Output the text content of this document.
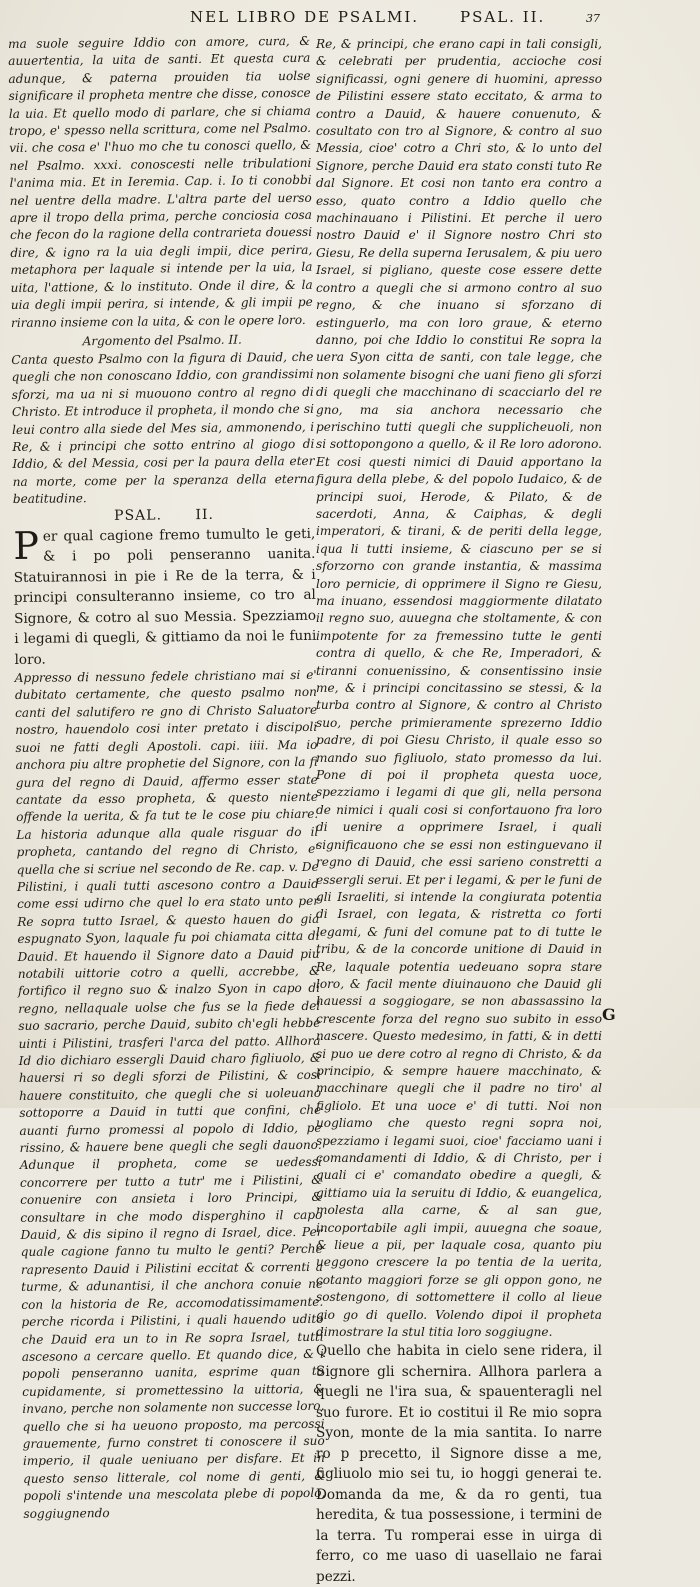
NEL LIBRO DE PSALMI.	PSAL. II.	37

ma suole seguire Iddio con amore, cura, & auuertentia, la uita de santi. Et questa cura adunque, & paterna prouiden tia uolse significare il propheta mentre che disse, conosce la uia. Et quello modo di parlare, che si chiama tropo, e' spesso nella scrittura, come nel Psalmo. vii. che cosa e' l'huo mo che tu conosci quello, & nel Psalmo. xxxi. conoscesti nelle tribulationi l'anima mia. Et in Ieremia. Cap. i. Io ti conobbi nel uentre della madre. L'altra parte del uerso apre il tropo della prima, perche conciosia cosa che fecon do la ragione della contrarieta douessi dire, & igno ra la uia degli impii, dice perira, metaphora per laquale si intende per la uia, la uita, l'attione, & lo instituto. Onde il dire, & la uia degli impii perira, si intende, & gli impii pe riranno insieme con la uita, & con le opere loro.

Argomento del Psalmo. II.

Canta questo Psalmo con la figura di Dauid, che quegli che non conoscano Iddio, con grandissimi sforzi, ma ua ni si muouono contro al regno di Christo. Et introduce il propheta, il mondo che si leui contro alla siede del Mes sia, ammonendo, i Re, & i principi che sotto entrino al giogo di Iddio, & del Messia, cosi per la paura della eter na morte, come per la speranza della eterna beatitudine.

PSAL. II.
P er qual cagione fremo tumulto le geti, & i po poli penseranno uanita. Statuirannosi in pie i Re de la terra, & i principi consulteranno insieme, co tro al Signore, & cotro al suo Messia. Spezziamo i legami di quegli, & gittiamo da noi le funi loro.

Appresso di nessuno fedele christiano mai si e' dubitato certamente, che questo psalmo non canti del salutifero re gno di Christo Saluatore nostro, hauendolo cosi inter pretato i discipoli suoi ne fatti degli Apostoli. capi. iiii. Ma io anchora piu altre prophetie del Signore, con la fi gura del regno di Dauid, affermo esser state cantate da esso propheta, & questo niente offende la uerita, & fa tut te le cose piu chiare. La historia adunque alla quale risguar do il propheta, cantando del regno di Christo, e' quella che si scriue nel secondo de Re. cap. v. De Pilistini, i quali tutti ascesono contro a Dauid come essi udirno che quel lo era stato unto per Re sopra tutto Israel, & questo hauen do gia espugnato Syon, laquale fu poi chiamata citta di Dauid. Et hauendo il Signore dato a Dauid piu notabili uittorie cotro a quelli, accrebbe, & fortifico il regno suo & inalzo Syon in capo di regno, nellaquale uolse che fus se la fiede del suo sacrario, perche Dauid, subito ch'egli hebbe uinti i Pilistini, trasferi l'arca del patto. Allhora Id dio dichiaro essergli Dauid charo figliuolo, & hauersi ri so degli sforzi de Pilistini, & cosi hauere constituito, che quegli che si uoleuano sottoporre a Dauid in tutti que confini, che auanti furno promessi al popolo di Iddio, pe rissino, & hauere bene quegli che segli dauono. Adunque il propheta, come se uedessi concorrere per tutto a tutr' me i Pilistini, & conuenire con ansieta i loro Principi, & consultare in che modo disperghino il capo Dauid, & dis sipino il regno di Israel, dice. Per quale cagione fanno tu multo le genti? Perche rapresento Dauid i Pilistini eccitat & correnti a turme, & adunantisi, il che anchora conuie ne con la historia de Re, accomodatissimamente. perche ricorda i Pilistini, i quali hauendo udito che Dauid era un to in Re sopra Israel, tutti ascesono a cercare quello. Et quando dice, & i popoli penseranno uanita, esprime quan to cupidamente, si promettessino la uittoria, & invano, perche non solamente non successe loro, quello che si ha ueuono proposto, ma percossi grauemente, furno constret ti conoscere il suo imperio, il quale ueniuano per disfare. Et in questo senso litterale, col nome di genti, & popoli s'intende una mescolata plebe di popolo, soggiugnendo

Re, & principi, che erano capi in tali consigli, & celebrati per prudentia, accioche cosi significassi, ogni genere di huomini, apresso de Pilistini essere stato eccitato, & arma to contro a Dauid, & hauere conuenuto, & cosultato con tro al Signore, & contro al suo Messia, cioe' cotro a Chri sto, & lo unto del Signore, perche Dauid era stato consti tuto Re dal Signore. Et cosi non tanto era contro a esso, quato contro a Iddio quello che machinauano i Pilistini. Et perche il uero nostro Dauid e' il Signore nostro Chri sto Giesu, Re della superna Ierusalem, & piu uero Israel, si pigliano, queste cose essere dette contro a quegli che si armono contro al suo regno, & che inuano si sforzano di estinguerlo, ma con loro graue, & eterno danno, poi che Iddio lo constitui Re sopra la uera Syon citta de santi, con tale legge, che non solamente bisogni che uani fieno gli sforzi di quegli che macchinano di scacciarlo del re gno, ma sia anchora necessario che perischino tutti quegli che supplicheuoli, non si sottopongono a quello, & il Re loro adorono. Et cosi questi nimici di Dauid apportano la figura della plebe, & del popolo Iudaico, & de principi suoi, Herode, & Pilato, & de sacerdoti, Anna, & Caiphas, & degli imperatori, & tirani, & de periti della legge, iqua li tutti insieme, & ciascuno per se si sforzorno con grande instantia, & massima loro pernicie, di opprimere il Signo re Giesu, ma inuano, essendosi maggiormente dilatato il regno suo, auuegna che stoltamente, & con impotente for za fremessino tutte le genti contra di quello, & che Re, Imperadori, & tiranni conuenissino, & consentissino insie me, & i principi concitassino se stessi, & la turba contro al Signore, & contro al Christo suo, perche primieramente sprezerno Iddio padre, di poi Giesu Christo, il quale esso so mando suo figliuolo, stato promesso da lui. Pone di poi il propheta questa uoce, spezziamo i legami di que gli, nella persona de nimici i quali cosi si confortauono fra loro di uenire a opprimere Israel, i quali significauono che se essi non estinguevano il regno di Dauid, che essi sarieno constretti a essergli serui. Et per i legami, & per le funi de gli Israeliti, si intende la congiurata potentia di Israel, con legata, & ristretta co forti legami, & funi del comune pat to di tutte le tribu, & de la concorde unitione di Dauid in Re, laquale potentia uedeuano sopra stare loro, & facil mente diuinauono che Dauid gli hauessi a soggiogare, se non abassassino la crescente forza del regno suo subito in esso nascere. Questo medesimo, in fatti, & in detti si puo ue dere cotro al regno di Christo, & da principio, & sempre hauere macchinato, & macchinare quegli che il padre no tiro' al figliolo. Et una uoce e' di tutti. Noi non uogliamo che questo regni sopra noi, spezziamo i legami suoi, cioe' facciamo uani i comandamenti di Iddio, & di Christo, per i quali ci e' comandato obedire a quegli, & gittiamo uia la seruitu di Iddio, & euangelica, molesta alla carne, & al san gue, incoportabile agli impii, auuegna che soaue, & lieue a pii, per laquale cosa, quanto piu ueggono crescere la po tentia de la uerita, cotanto maggiori forze se gli oppon gono, ne sostengono, di sottomettere il collo al lieue gio go di quello. Volendo dipoi il propheta dimostrare la stul titia loro soggiugne.

Quello che habita in cielo sene ridera, il Signore gli schernira. Allhora parlera a quegli ne l'ira sua, & spauenteragli nel suo furore. Et io costitui il Re mio sopra Syon, monte de la mia santita. Io narre ro p precetto, il Signore disse a me, figliuolo mio sei tu, io hoggi generai te. Domanda da me, & da ro genti, tua heredita, & tua possessione, i termini de la terra. Tu romperai esse in uirga di ferro, co me uaso di uasellaio ne farai pezzi.

G
